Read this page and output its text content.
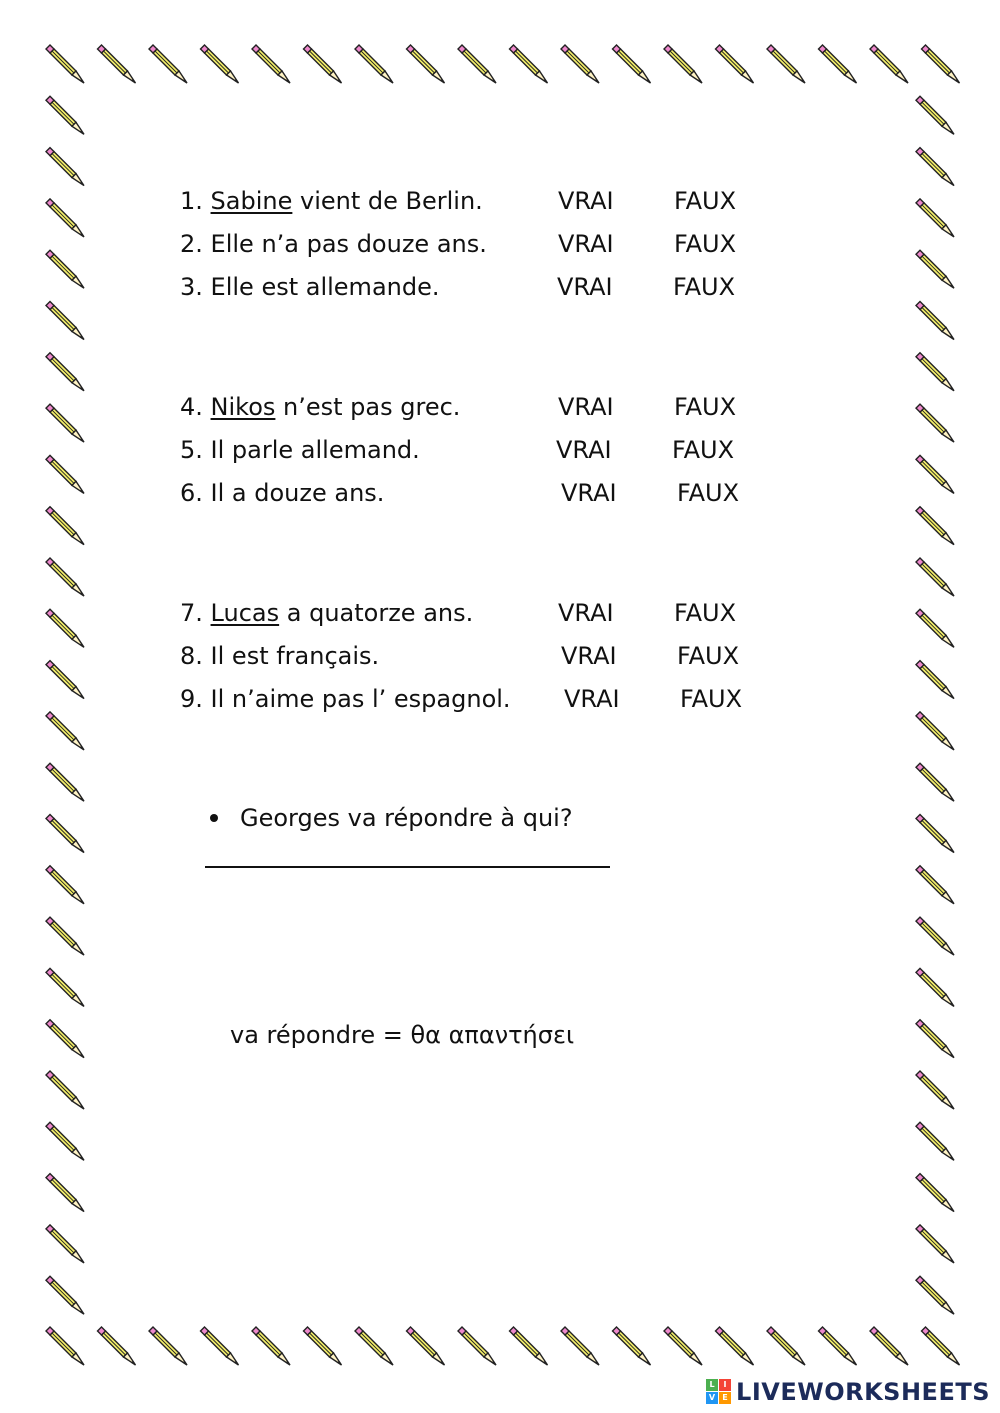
1. Sabine vient de Berlin.	VRAI	FAUX
2. Elle n’a pas douze ans.	VRAI	FAUX
3. Elle est allemande.	VRAI	FAUX
4. Nikos n’est pas grec.	VRAI	FAUX
5. Il parle allemand.	VRAI	FAUX
6. Il a douze ans.	VRAI	FAUX
7. Lucas a quatorze ans.	VRAI	FAUX
8. Il est français.	VRAI	FAUX
9. Il n’aime pas l’ espagnol. VRAI	FAUX
Georges va répondre à qui?
va répondre = θα απαντήσει
L	I
V E LIVEWORKSHEETS
